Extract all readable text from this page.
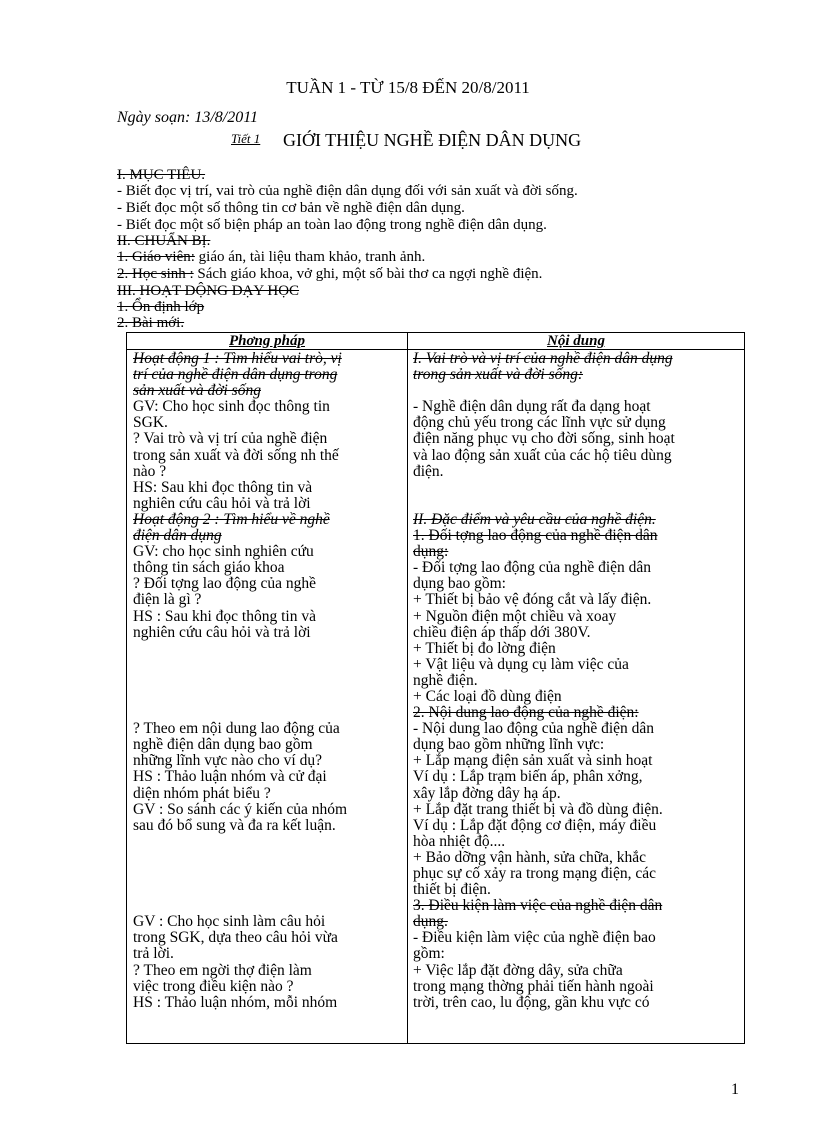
TUẦN 1 - TỪ 15/8 ĐẾN 20/8/2011
Ngày soạn: 13/8/2011
Tiết 1 GIỚI THIỆU NGHỀ ĐIỆN DÂN DỤNG
I. MỤC TIÊU.
- Biết đọc vị trí, vai trò của nghề điện dân dụng đối với sản xuất và đời sống.
- Biết đọc một số thông tin cơ bản về nghề điện dân dụng.
- Biết đọc một số biện pháp an toàn lao động trong nghề điện dân dụng.
II. CHUẨN BỊ.
1. Giáo viên: giáo án, tài liệu tham khảo, tranh ảnh.
2. Học sinh : Sách giáo khoa, vở ghi, một số bài thơ ca ngợi nghề điện.
III. HOẠT ĐỘNG DẠY HỌC
1. Ổn định lớp
2. Bài mới.
Phơng pháp	Nội dung
Hoạt động 1 : Tìm hiểu vai trò, vị
trí của nghề điện dân dụng trong
sản xuất và đời sống
GV: Cho học sinh đọc thông tin
SGK.
? Vai trò và vị trí của nghề điện
trong sản xuất và đời sống nh thế
nào ?
HS: Sau khi đọc thông tin và
nghiên cứu câu hỏi và trả lời
Hoạt động 2 : Tìm hiểu về nghề
điện dân dụng
GV: cho học sinh nghiên cứu
thông tin sách giáo khoa
? Đối tợng lao động của nghề
điện là gì ?
HS : Sau khi đọc thông tin và
nghiên cứu câu hỏi và trả lời

? Theo em nội dung lao động của
nghề điện dân dụng bao gồm
những lĩnh vực nào cho ví dụ?
HS : Thảo luận nhóm và cử đại
diện nhóm phát biểu ?
GV : So sánh các ý kiến của nhóm
sau đó bổ sung và đa ra kết luận.

GV : Cho học sinh làm câu hỏi
trong SGK, dựa theo câu hỏi vừa
trả lời.
? Theo em ngời thợ điện làm
việc trong điều kiện nào ?
HS : Thảo luận nhóm, mỗi nhóm
I. Vai trò và vị trí của nghề điện dân dụng
trong sản xuất và đời sống:

- Nghề điện dân dụng rất đa dạng hoạt
động chủ yếu trong các lĩnh vực sử dụng
điện năng phục vụ cho đời sống, sinh hoạt
và lao động sản xuất của các hộ tiêu dùng
điện.

II. Đặc điểm và yêu cầu của nghề điện.
1. Đối tợng lao động của nghề điện dân
dụng:
- Đối tợng lao động của nghề điện dân
dụng bao gồm:
+ Thiết bị bảo vệ đóng cắt và lấy điện.
+ Nguồn điện một chiều và xoay
chiều điện áp thấp dới 380V.
+ Thiết bị đo lờng điện
+ Vật liệu và dụng cụ làm việc của
nghề điện.
+ Các loại đồ dùng điện
2. Nội dung lao động của nghề điện:
- Nội dung lao động của nghề điện dân
dụng bao gồm những lĩnh vực:
+ Lắp mạng điện sản xuất và sinh hoạt
Ví dụ : Lắp trạm biến áp, phân xởng,
xây lắp đờng dây hạ áp.
+ Lắp đặt trang thiết bị và đồ dùng điện.
Ví dụ : Lắp đặt động cơ điện, máy điều
hòa nhiệt độ....
+ Bảo dỡng vận hành, sửa chữa, khắc
phục sự cố xảy ra trong mạng điện, các
thiết bị điện.
3. Điều kiện làm việc của nghề điện dân
dụng.
- Điều kiện làm việc của nghề điện bao
gồm:
+ Việc lắp đặt đờng dây, sửa chữa
trong mạng thờng phải tiến hành ngoài
trời, trên cao, lu động, gần khu vực có
1
